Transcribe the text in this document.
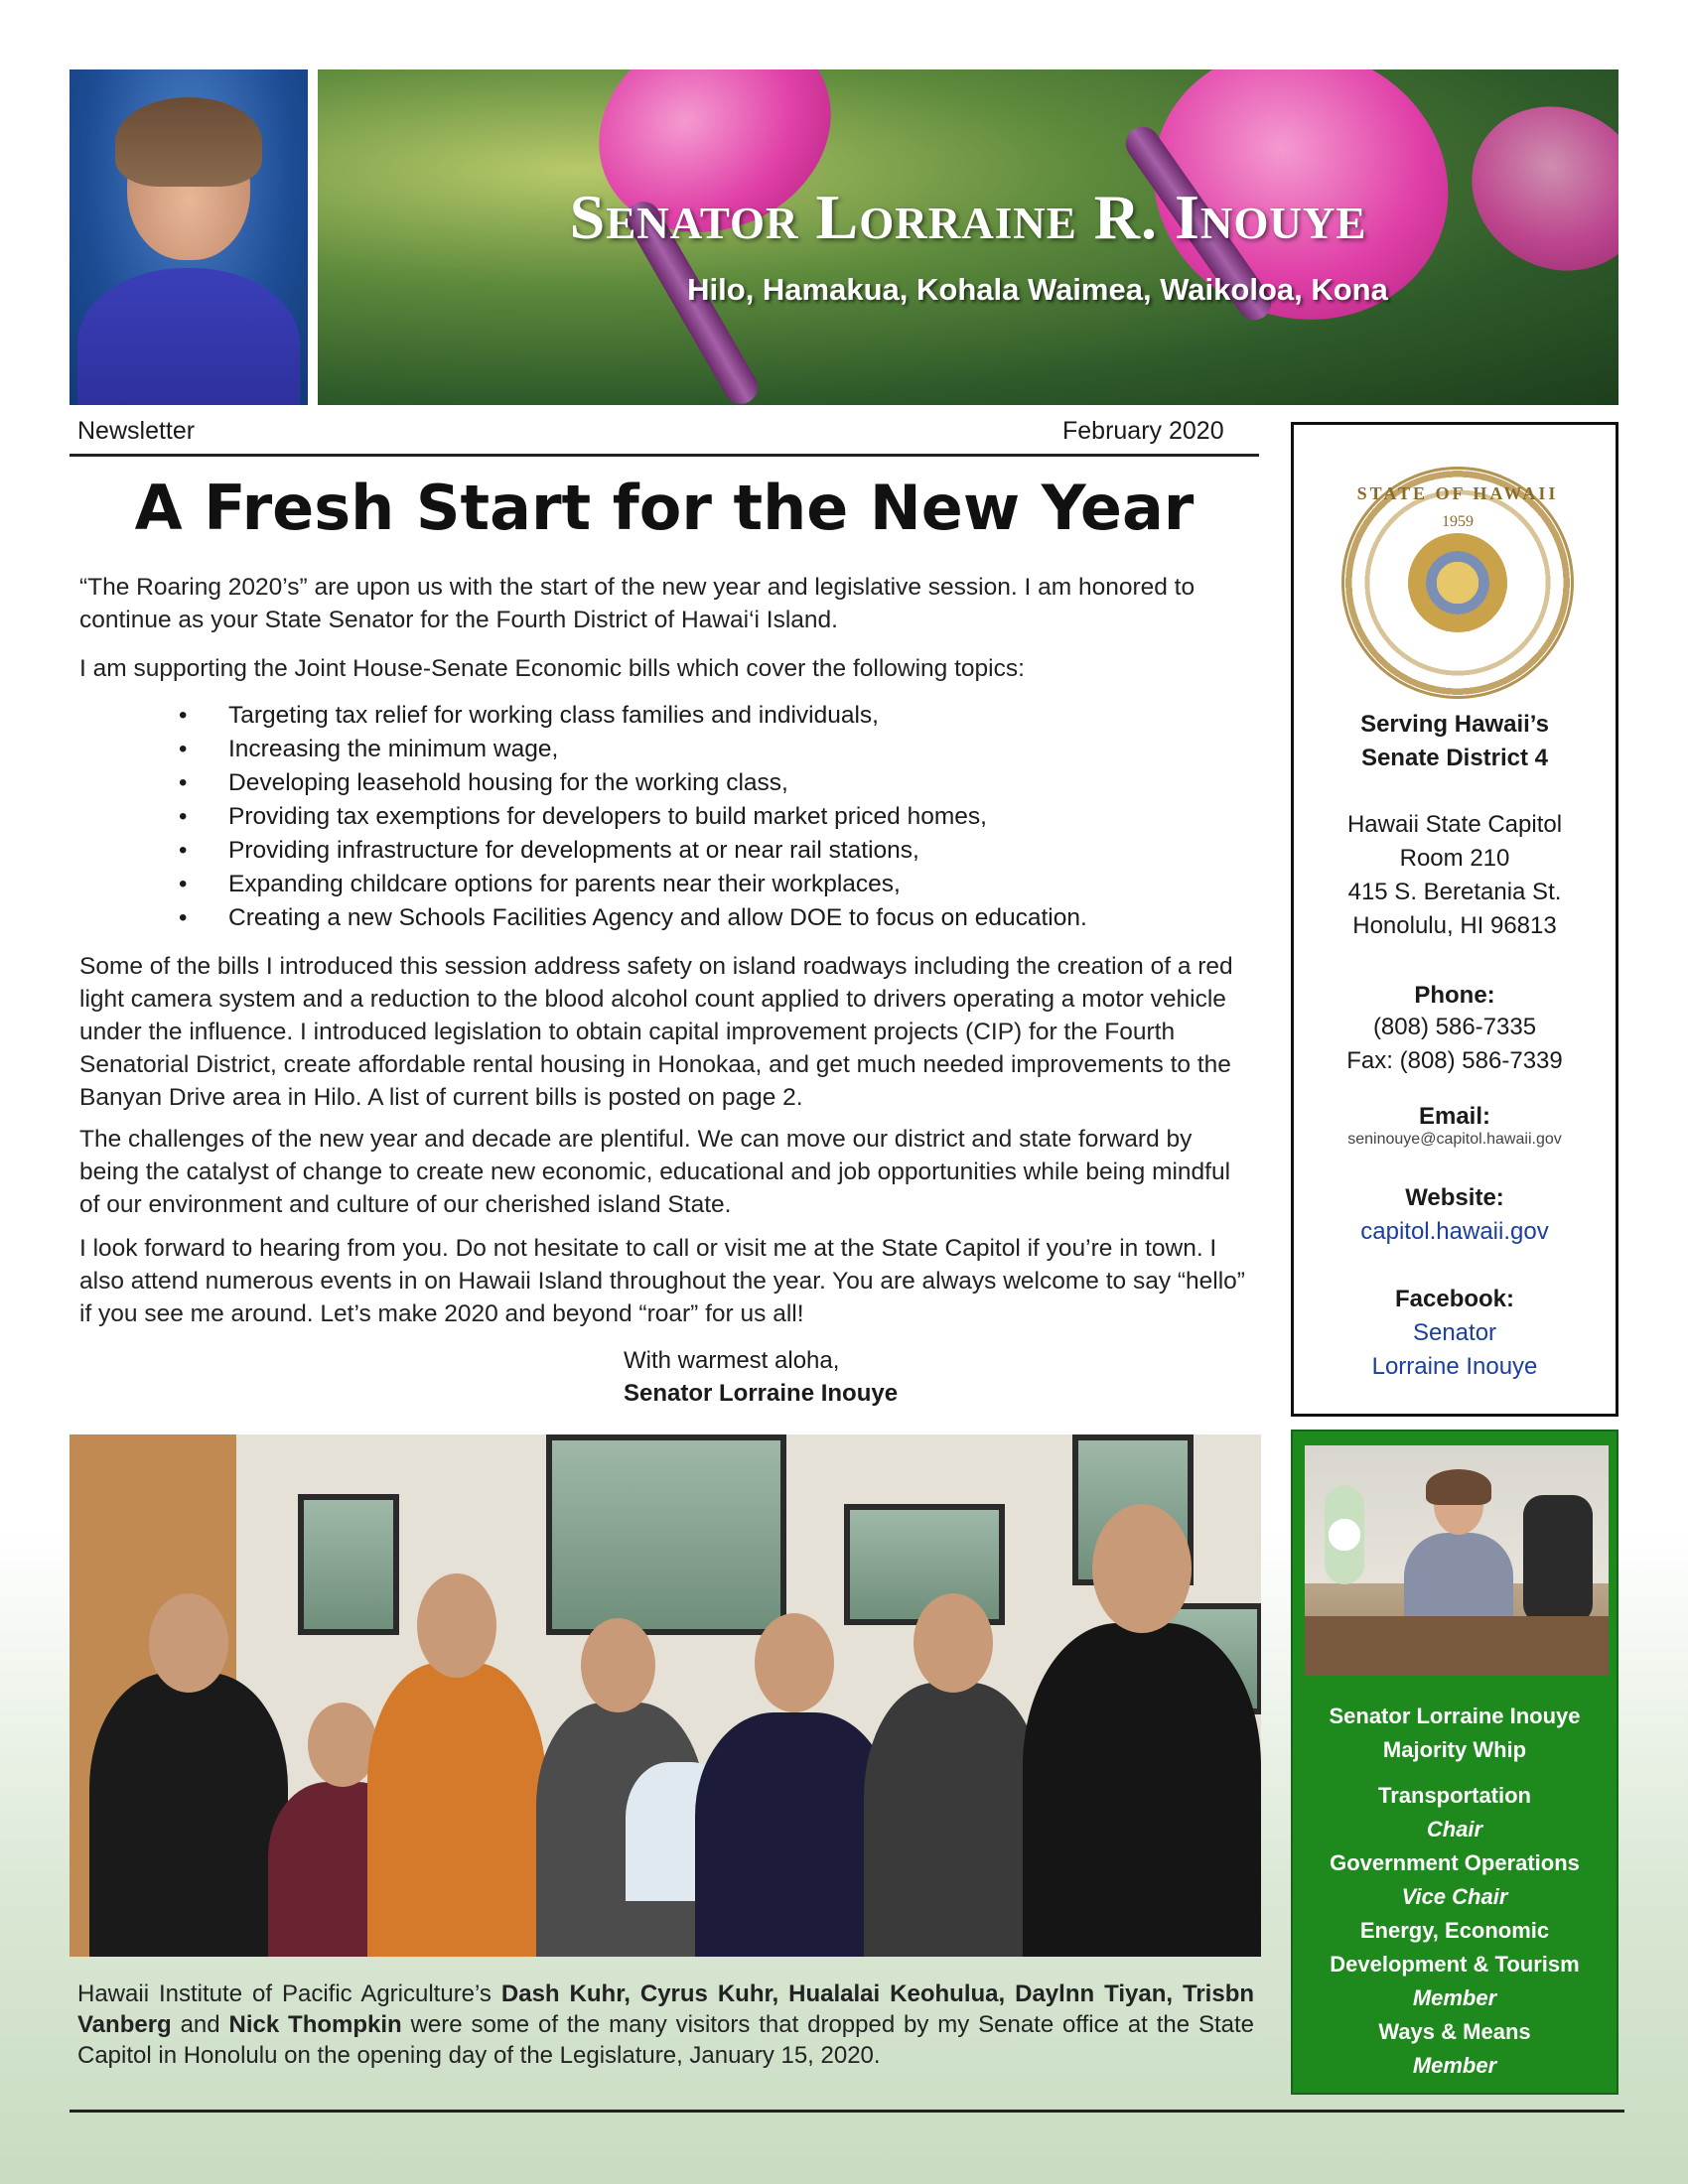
Senator Lorraine R. Inouye
Hilo, Hamakua, Kohala Waimea, Waikoloa, Kona
Newsletter	February 2020
A Fresh Start for the New Year
“The Roaring 2020’s” are upon us with the start of the new year and legislative session. I am honored to continue as your State Senator for the Fourth District of Hawai‘i Island.
I am supporting the Joint House-Senate Economic bills which cover the following topics:
• Targeting tax relief for working class families and individuals,
• Increasing the minimum wage,
• Developing leasehold housing for the working class,
• Providing tax exemptions for developers to build market priced homes,
• Providing infrastructure for developments at or near rail stations,
• Expanding childcare options for parents near their workplaces,
• Creating a new Schools Facilities Agency and allow DOE to focus on education.
Some of the bills I introduced this session address safety on island roadways including the creation of a red light camera system and a reduction to the blood alcohol count applied to drivers operating a motor vehicle under the influence. I introduced legislation to obtain capital improvement projects (CIP) for the Fourth Senatorial District, create affordable rental housing in Honokaa, and get much needed improvements to the Banyan Drive area in Hilo. A list of current bills is posted on page 2.
The challenges of the new year and decade are plentiful. We can move our district and state forward by being the catalyst of change to create new economic, educational and job opportunities while being mindful of our environment and culture of our cherished island State.
I look forward to hearing from you. Do not hesitate to call or visit me at the State Capitol if you’re in town. I also attend numerous events in on Hawaii Island throughout the year. You are always welcome to say “hello” if you see me around. Let’s make 2020 and beyond “roar” for us all!
With warmest aloha,
Senator Lorraine Inouye
STATE OF HAWAII
1959
Serving Hawaii’s
Senate District 4
Hawaii State Capitol
Room 210
415 S. Beretania St.
Honolulu, HI 96813
Phone:
(808) 586-7335
Fax: (808) 586-7339
Email:
seninouye@capitol.hawaii.gov
Website:
capitol.hawaii.gov
Facebook:
Senator
Lorraine Inouye
Senator Lorraine Inouye
Majority Whip
Transportation
Chair
Government Operations
Vice Chair
Energy, Economic
Development & Tourism
Member
Ways & Means
Member
Hawaii Institute of Pacific Agriculture’s Dash Kuhr, Cyrus Kuhr, Hualalai Keohulua, Daylnn Tiyan, Trisbn Vanberg and Nick Thompkin were some of the many visitors that dropped by my Senate office at the State Capitol in Honolulu on the opening day of the Legislature, January 15, 2020.
